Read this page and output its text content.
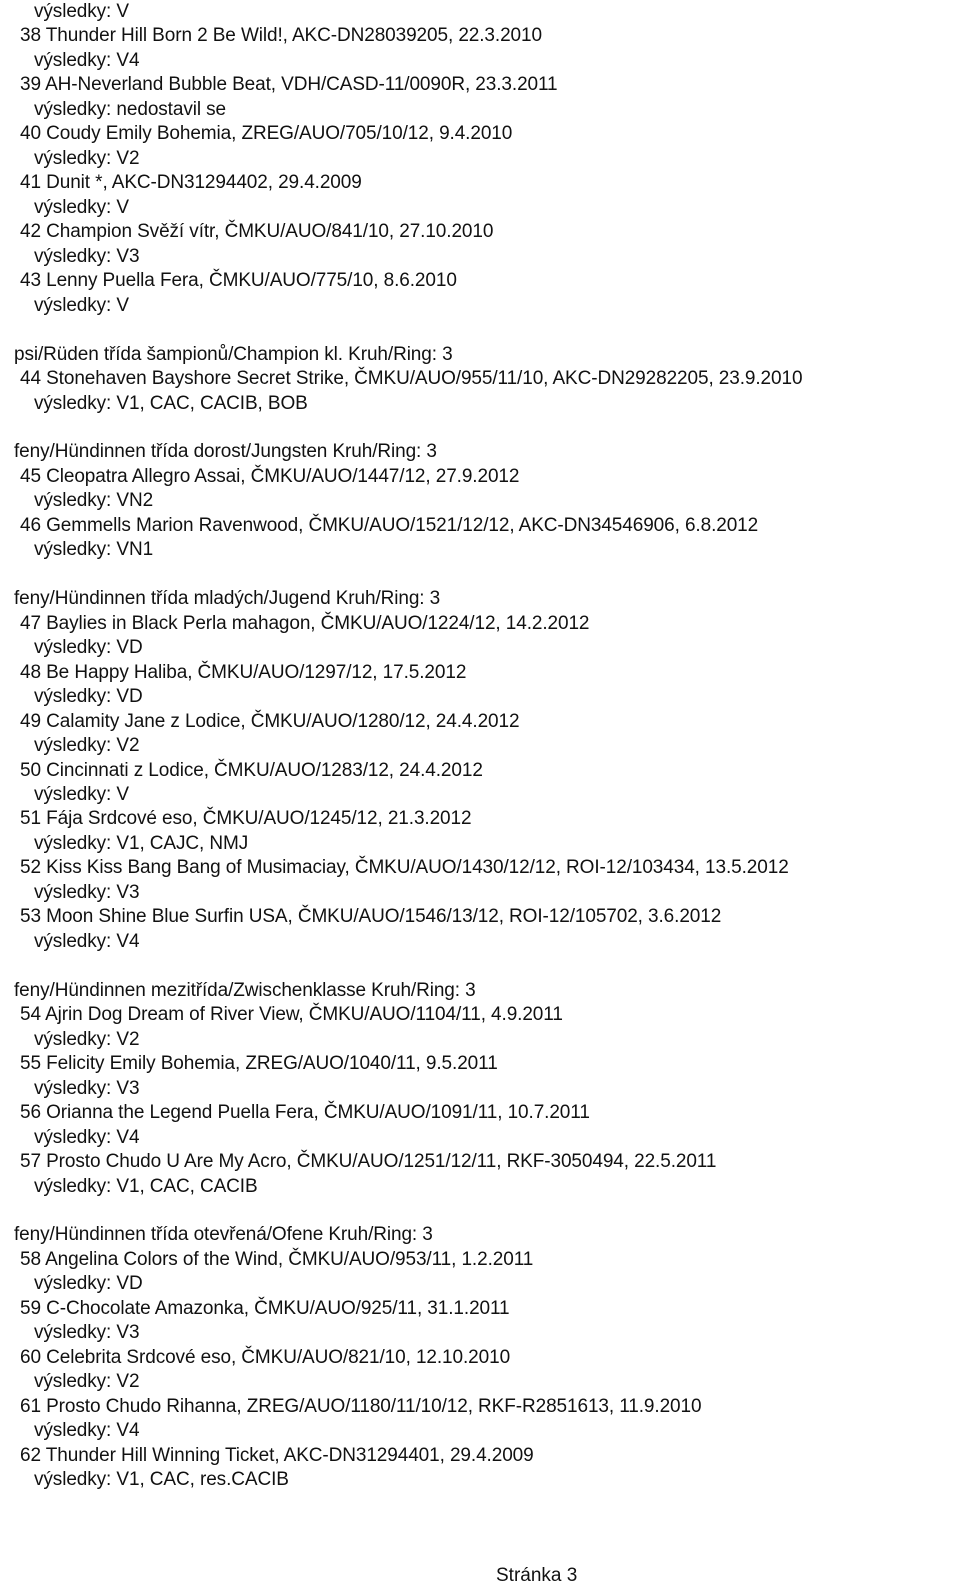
výsledky: V
38 Thunder Hill Born 2 Be Wild!, AKC-DN28039205, 22.3.2010
výsledky: V4
39 AH-Neverland Bubble Beat, VDH/CASD-11/0090R, 23.3.2011
výsledky: nedostavil se
40 Coudy Emily Bohemia, ZREG/AUO/705/10/12, 9.4.2010
výsledky: V2
41 Dunit *, AKC-DN31294402, 29.4.2009
výsledky: V
42 Champion Svěží vítr, ČMKU/AUO/841/10, 27.10.2010
výsledky: V3
43 Lenny Puella Fera, ČMKU/AUO/775/10, 8.6.2010
výsledky: V
psi/Rüden třída šampionů/Champion kl. Kruh/Ring: 3
44 Stonehaven Bayshore Secret Strike, ČMKU/AUO/955/11/10, AKC-DN29282205, 23.9.2010
výsledky: V1, CAC, CACIB, BOB
feny/Hündinnen třída dorost/Jungsten Kruh/Ring: 3
45 Cleopatra Allegro Assai, ČMKU/AUO/1447/12, 27.9.2012
výsledky: VN2
46 Gemmells Marion Ravenwood, ČMKU/AUO/1521/12/12, AKC-DN34546906, 6.8.2012
výsledky: VN1
feny/Hündinnen třída mladých/Jugend Kruh/Ring: 3
47 Baylies in Black Perla mahagon, ČMKU/AUO/1224/12, 14.2.2012
výsledky: VD
48 Be Happy Haliba, ČMKU/AUO/1297/12, 17.5.2012
výsledky: VD
49 Calamity Jane z Lodice, ČMKU/AUO/1280/12, 24.4.2012
výsledky: V2
50 Cincinnati z Lodice, ČMKU/AUO/1283/12, 24.4.2012
výsledky: V
51 Fája Srdcové eso, ČMKU/AUO/1245/12, 21.3.2012
výsledky: V1, CAJC, NMJ
52 Kiss Kiss Bang Bang of Musimaciay, ČMKU/AUO/1430/12/12, ROI-12/103434, 13.5.2012
výsledky: V3
53 Moon Shine Blue Surfin USA, ČMKU/AUO/1546/13/12, ROI-12/105702, 3.6.2012
výsledky: V4
feny/Hündinnen mezitřída/Zwischenklasse Kruh/Ring: 3
54 Ajrin Dog Dream of River View, ČMKU/AUO/1104/11, 4.9.2011
výsledky: V2
55 Felicity Emily Bohemia, ZREG/AUO/1040/11, 9.5.2011
výsledky: V3
56 Orianna the Legend Puella Fera, ČMKU/AUO/1091/11, 10.7.2011
výsledky: V4
57 Prosto Chudo U Are My Acro, ČMKU/AUO/1251/12/11, RKF-3050494, 22.5.2011
výsledky: V1, CAC, CACIB
feny/Hündinnen třída otevřená/Ofene Kruh/Ring: 3
58 Angelina Colors of the Wind, ČMKU/AUO/953/11, 1.2.2011
výsledky: VD
59 C-Chocolate Amazonka, ČMKU/AUO/925/11, 31.1.2011
výsledky: V3
60 Celebrita Srdcové eso, ČMKU/AUO/821/10, 12.10.2010
výsledky: V2
61 Prosto Chudo Rihanna, ZREG/AUO/1180/11/10/12, RKF-R2851613, 11.9.2010
výsledky: V4
62 Thunder Hill Winning Ticket, AKC-DN31294401, 29.4.2009
výsledky: V1, CAC, res.CACIB
Stránka 3
